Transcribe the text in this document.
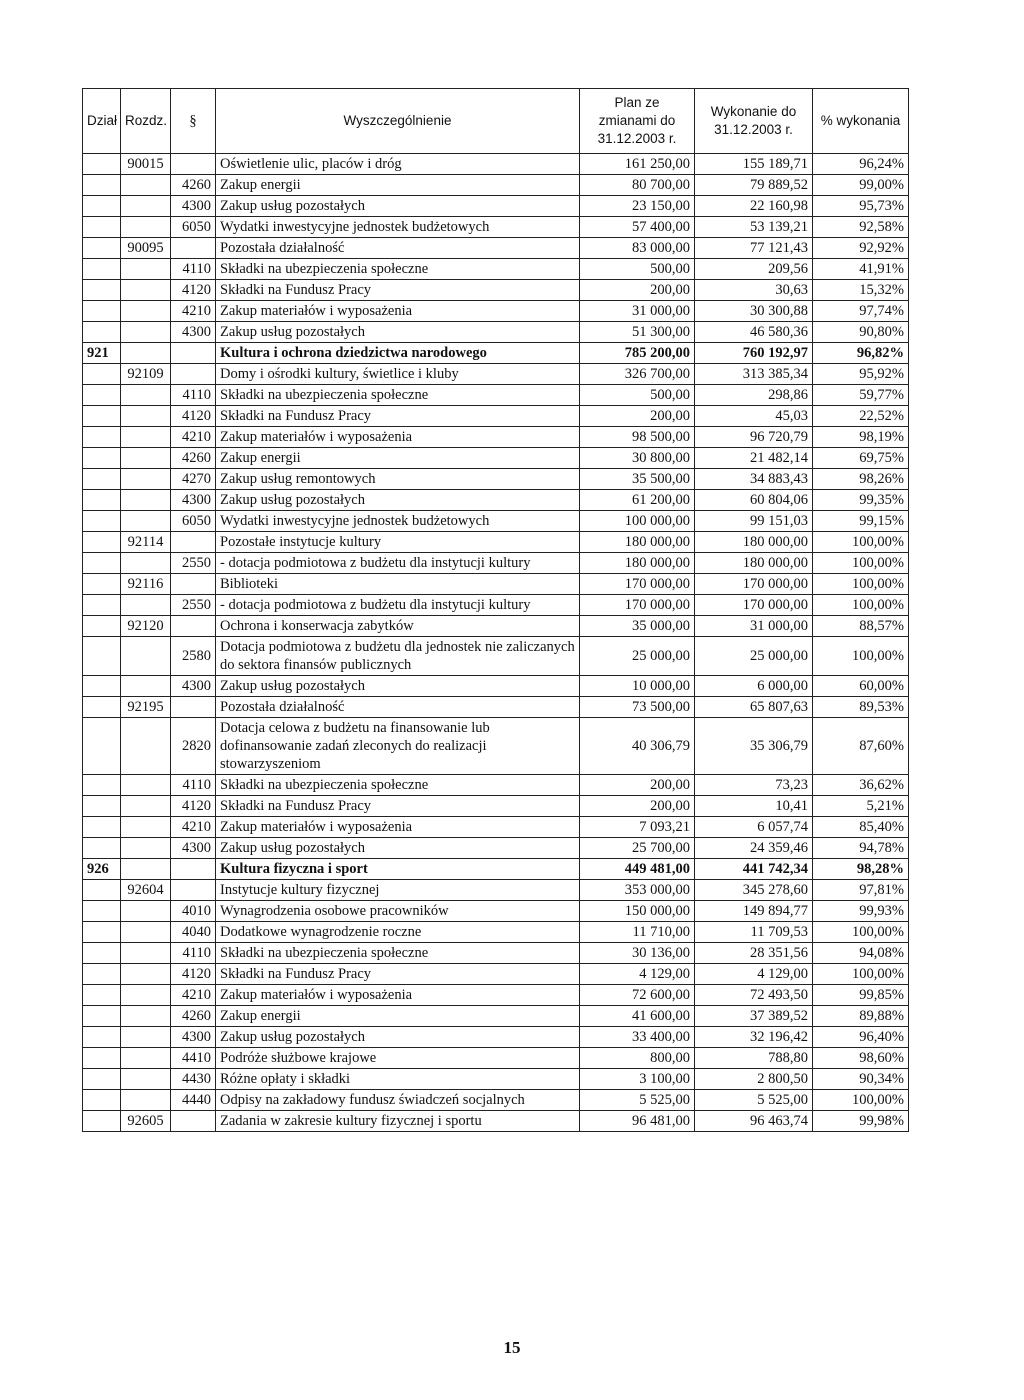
Dział	Rozdz.	§	Wyszczególnienie	Plan ze zmianami do 31.12.2003 r.	Wykonanie do 31.12.2003 r.	% wykonania
	90015		Oświetlenie ulic, placów i dróg	161 250,00	155 189,71	96,24%
		4260	Zakup energii	80 700,00	79 889,52	99,00%
		4300	Zakup usług pozostałych	23 150,00	22 160,98	95,73%
		6050	Wydatki inwestycyjne jednostek budżetowych	57 400,00	53 139,21	92,58%
	90095		Pozostała działalność	83 000,00	77 121,43	92,92%
		4110	Składki na ubezpieczenia społeczne	500,00	209,56	41,91%
		4120	Składki na Fundusz Pracy	200,00	30,63	15,32%
		4210	Zakup materiałów i wyposażenia	31 000,00	30 300,88	97,74%
		4300	Zakup usług pozostałych	51 300,00	46 580,36	90,80%
921			Kultura i ochrona dziedzictwa narodowego	785 200,00	760 192,97	96,82%
	92109		Domy i ośrodki kultury, świetlice i kluby	326 700,00	313 385,34	95,92%
		4110	Składki na ubezpieczenia społeczne	500,00	298,86	59,77%
		4120	Składki na Fundusz Pracy	200,00	45,03	22,52%
		4210	Zakup materiałów i wyposażenia	98 500,00	96 720,79	98,19%
		4260	Zakup energii	30 800,00	21 482,14	69,75%
		4270	Zakup usług remontowych	35 500,00	34 883,43	98,26%
		4300	Zakup usług pozostałych	61 200,00	60 804,06	99,35%
		6050	Wydatki inwestycyjne jednostek budżetowych	100 000,00	99 151,03	99,15%
	92114		Pozostałe instytucje kultury	180 000,00	180 000,00	100,00%
		2550	- dotacja podmiotowa z budżetu dla instytucji kultury	180 000,00	180 000,00	100,00%
	92116		Biblioteki	170 000,00	170 000,00	100,00%
		2550	- dotacja podmiotowa z budżetu dla instytucji kultury	170 000,00	170 000,00	100,00%
	92120		Ochrona i konserwacja zabytków	35 000,00	31 000,00	88,57%
		2580	Dotacja podmiotowa z budżetu dla jednostek nie zaliczanych do sektora finansów publicznych	25 000,00	25 000,00	100,00%
		4300	Zakup usług pozostałych	10 000,00	6 000,00	60,00%
	92195		Pozostała działalność	73 500,00	65 807,63	89,53%
		2820	Dotacja celowa z budżetu na finansowanie lub dofinansowanie zadań zleconych do realizacji stowarzyszeniom	40 306,79	35 306,79	87,60%
		4110	Składki na ubezpieczenia społeczne	200,00	73,23	36,62%
		4120	Składki na Fundusz Pracy	200,00	10,41	5,21%
		4210	Zakup materiałów i wyposażenia	7 093,21	6 057,74	85,40%
		4300	Zakup usług pozostałych	25 700,00	24 359,46	94,78%
926			Kultura fizyczna i sport	449 481,00	441 742,34	98,28%
	92604		Instytucje kultury fizycznej	353 000,00	345 278,60	97,81%
		4010	Wynagrodzenia osobowe pracowników	150 000,00	149 894,77	99,93%
		4040	Dodatkowe wynagrodzenie roczne	11 710,00	11 709,53	100,00%
		4110	Składki na ubezpieczenia społeczne	30 136,00	28 351,56	94,08%
		4120	Składki na Fundusz Pracy	4 129,00	4 129,00	100,00%
		4210	Zakup materiałów i wyposażenia	72 600,00	72 493,50	99,85%
		4260	Zakup energii	41 600,00	37 389,52	89,88%
		4300	Zakup usług pozostałych	33 400,00	32 196,42	96,40%
		4410	Podróże służbowe krajowe	800,00	788,80	98,60%
		4430	Różne opłaty i składki	3 100,00	2 800,50	90,34%
		4440	Odpisy na zakładowy fundusz świadczeń socjalnych	5 525,00	5 525,00	100,00%
	92605		Zadania w zakresie kultury fizycznej i sportu	96 481,00	96 463,74	99,98%
15
